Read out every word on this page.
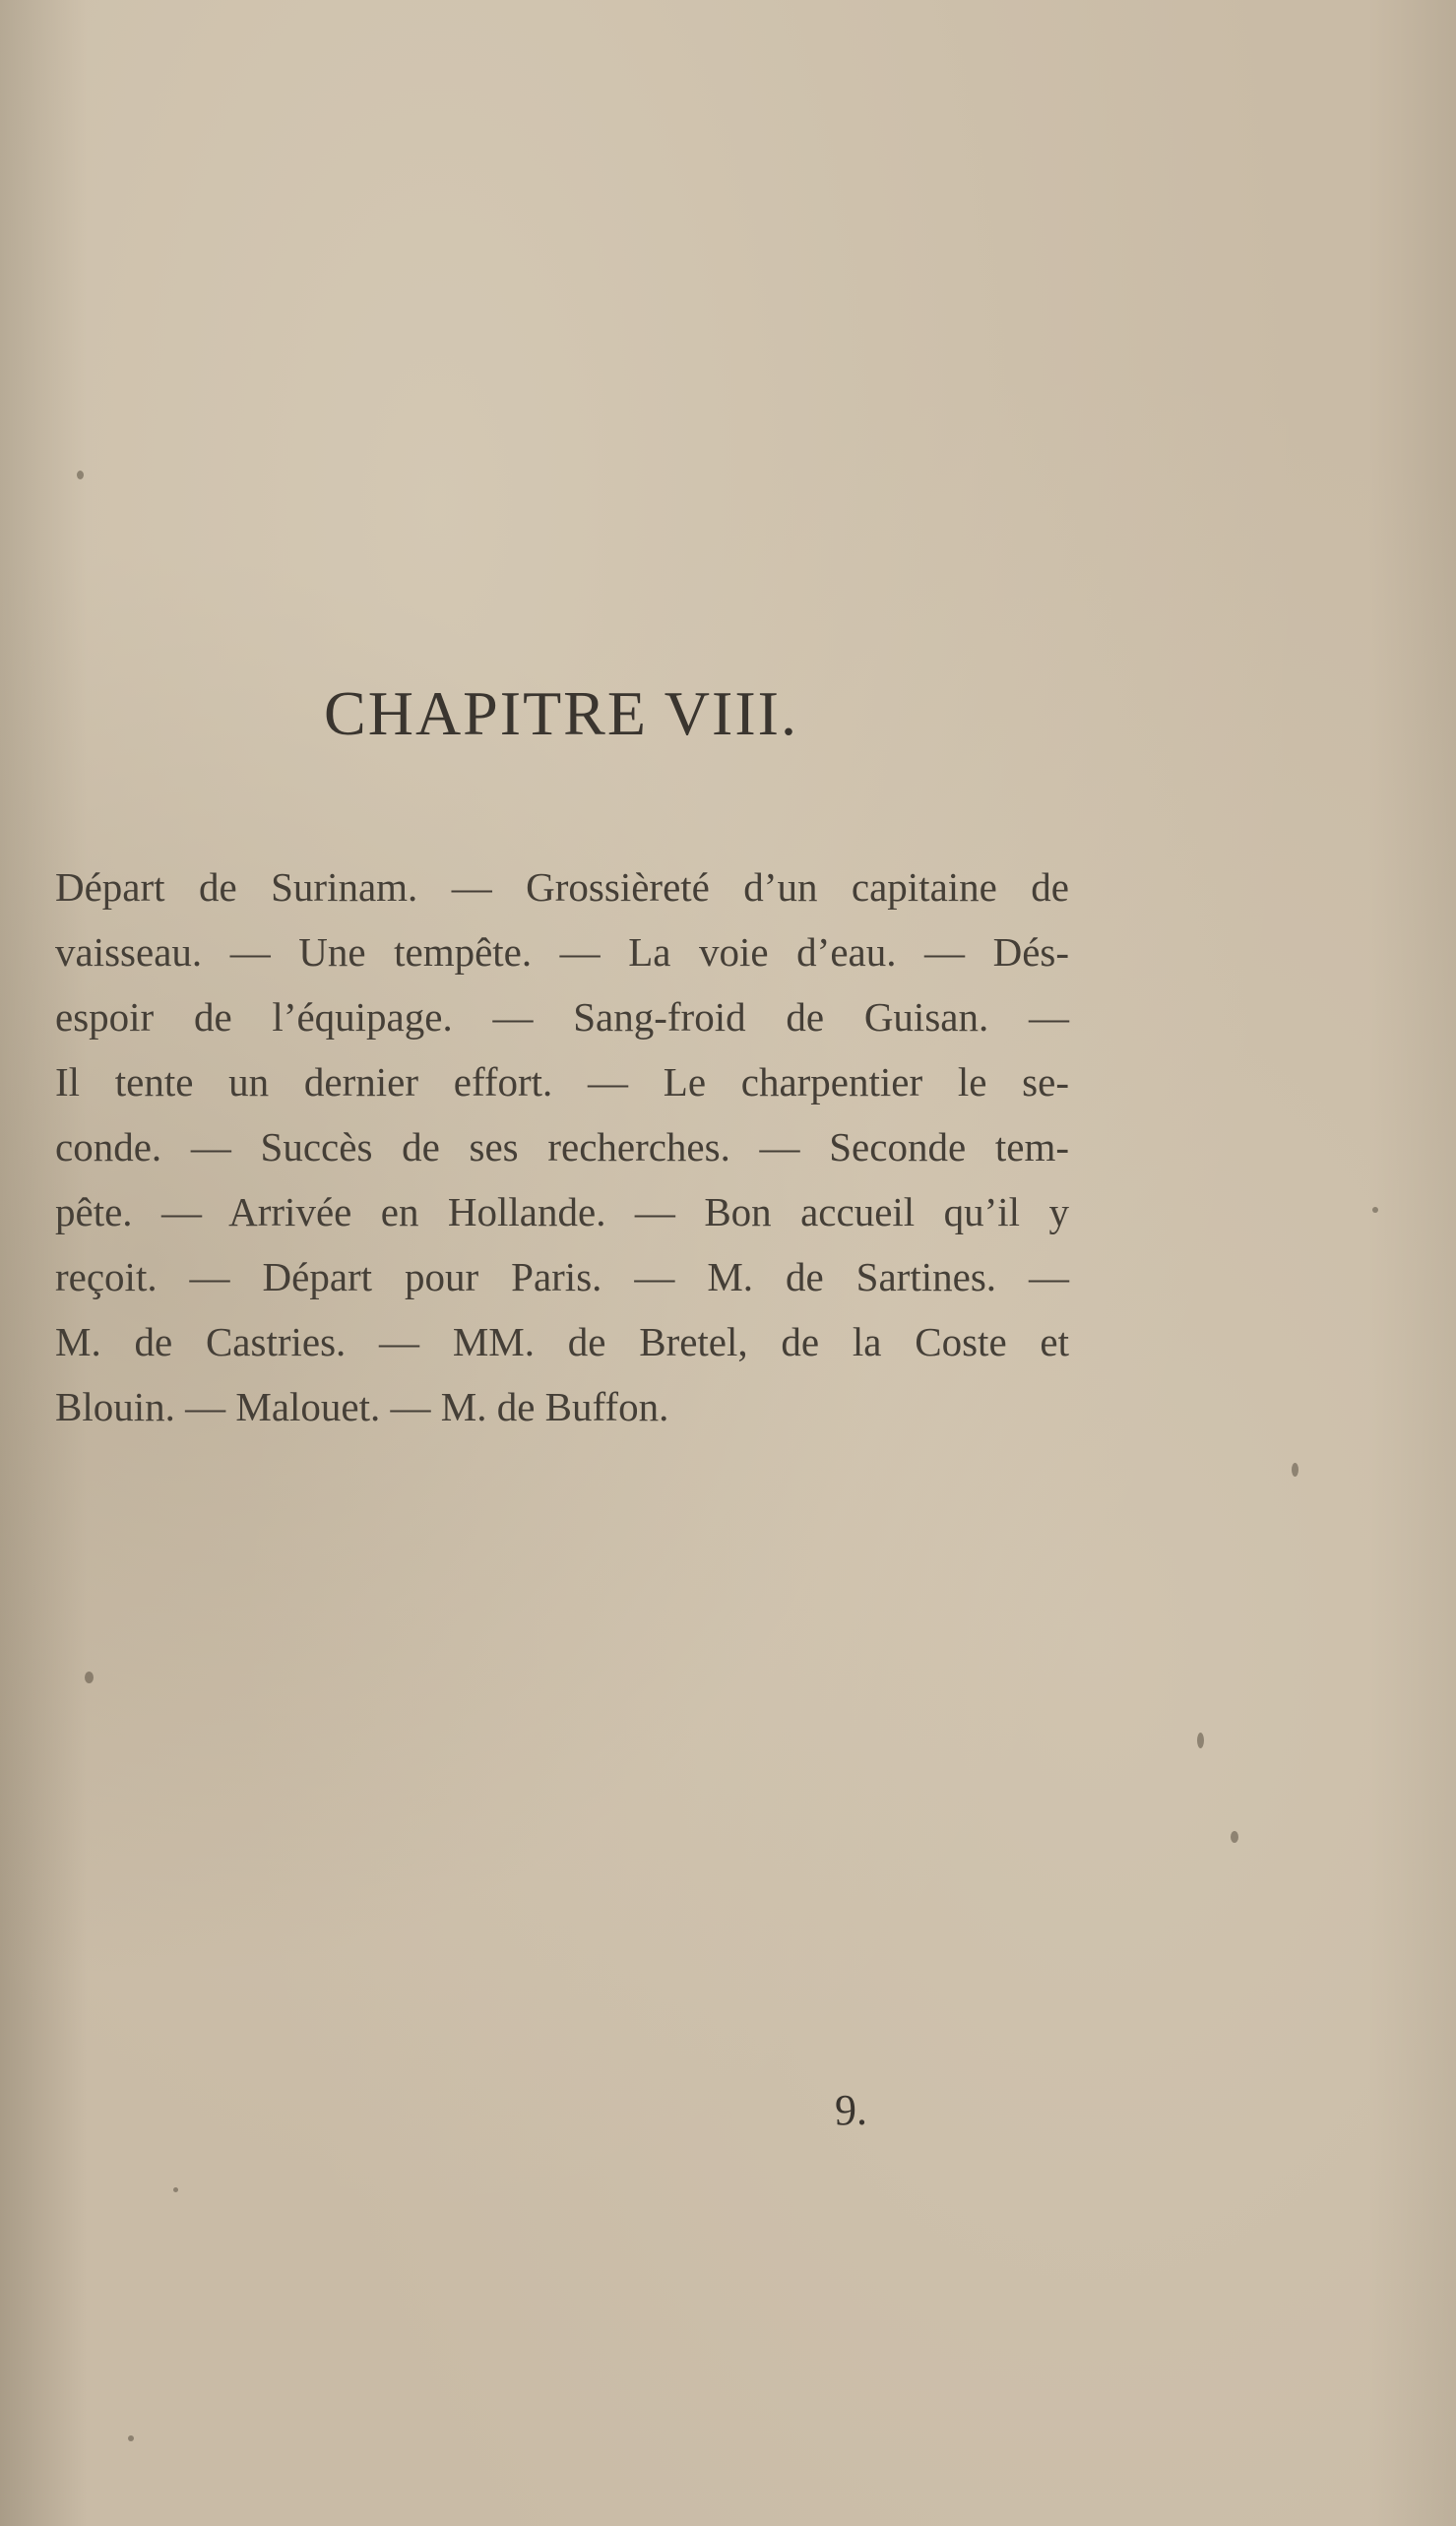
CHAPITRE VIII.
Départ de Surinam. — Grossièreté d’un capitaine de
vaisseau. — Une tempête. — La voie d’eau. — Dés-
espoir de l’équipage. — Sang-froid de Guisan. —
Il tente un dernier effort. — Le charpentier le se-
conde. — Succès de ses recherches. — Seconde tem-
pête. — Arrivée en Hollande. — Bon accueil qu’il y
reçoit. — Départ pour Paris. — M. de Sartines. —
M. de Castries. — MM. de Bretel, de la Coste et
Blouin. — Malouet. — M. de Buffon.
9.
